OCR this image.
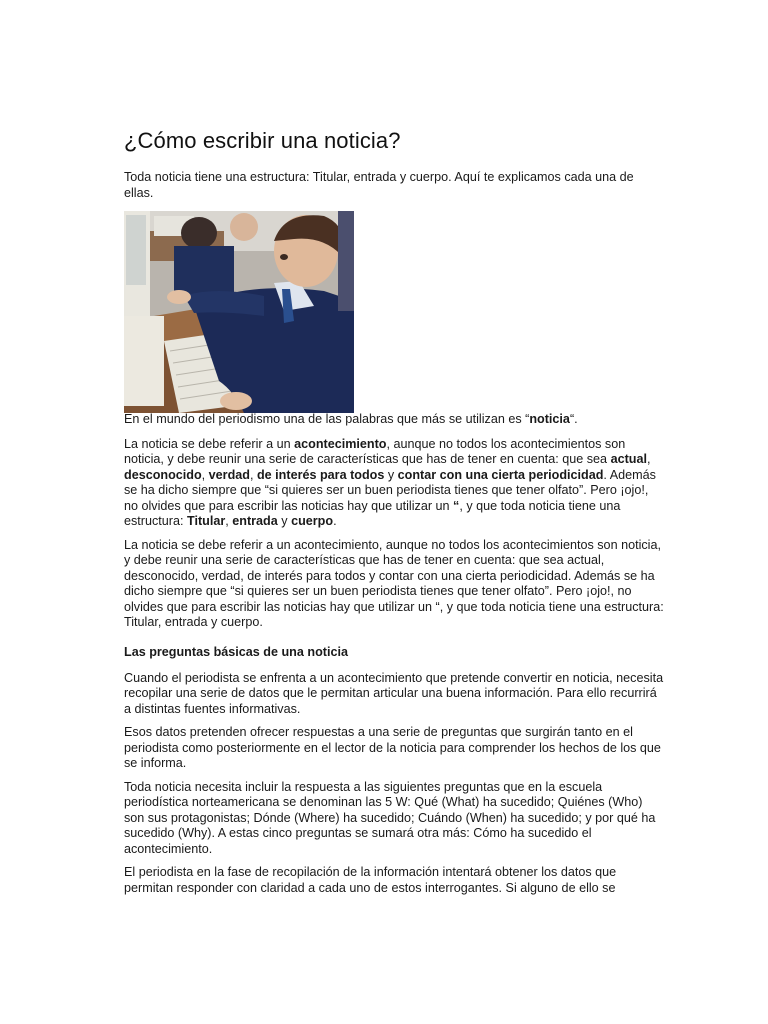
¿Cómo escribir una noticia?

Toda noticia tiene una estructura: Titular, entrada y cuerpo. Aquí te explicamos cada una de ellas.

En el mundo del periodismo una de las palabras que más se utilizan es “noticia“.

La noticia se debe referir a un acontecimiento, aunque no todos los acontecimientos son noticia, y debe reunir una serie de características que has de tener en cuenta: que sea actual, desconocido, verdad, de interés para todos y contar con una cierta periodicidad. Además se ha dicho siempre que “si quieres ser un buen periodista tienes que tener olfato”. Pero ¡ojo!, no olvides que para escribir las noticias hay que utilizar un “, y que toda noticia tiene una estructura: Titular, entrada y cuerpo.

La noticia se debe referir a un acontecimiento, aunque no todos los acontecimientos son noticia, y debe reunir una serie de características que has de tener en cuenta: que sea actual, desconocido, verdad, de interés para todos y contar con una cierta periodicidad. Además se ha dicho siempre que “si quieres ser un buen periodista tienes que tener olfato”. Pero ¡ojo!, no olvides que para escribir las noticias hay que utilizar un “, y que toda noticia tiene una estructura: Titular, entrada y cuerpo.

Las preguntas básicas de una noticia

Cuando el periodista se enfrenta a un acontecimiento que pretende convertir en noticia, necesita recopilar una serie de datos que le permitan articular una buena información. Para ello recurrirá a distintas fuentes informativas.

Esos datos pretenden ofrecer respuestas a una serie de preguntas que surgirán tanto en el periodista como posteriormente en el lector de la noticia para comprender los hechos de los que se informa.

Toda noticia necesita incluir la respuesta a las siguientes preguntas que en la escuela periodística norteamericana se denominan las 5 W: Qué (What) ha sucedido; Quiénes (Who) son sus protagonistas; Dónde (Where) ha sucedido; Cuándo (When) ha sucedido; y por qué ha sucedido (Why). A estas cinco preguntas se sumará otra más: Cómo ha sucedido el acontecimiento.

El periodista en la fase de recopilación de la información intentará obtener los datos que permitan responder con claridad a cada uno de estos interrogantes. Si alguno de ello se
